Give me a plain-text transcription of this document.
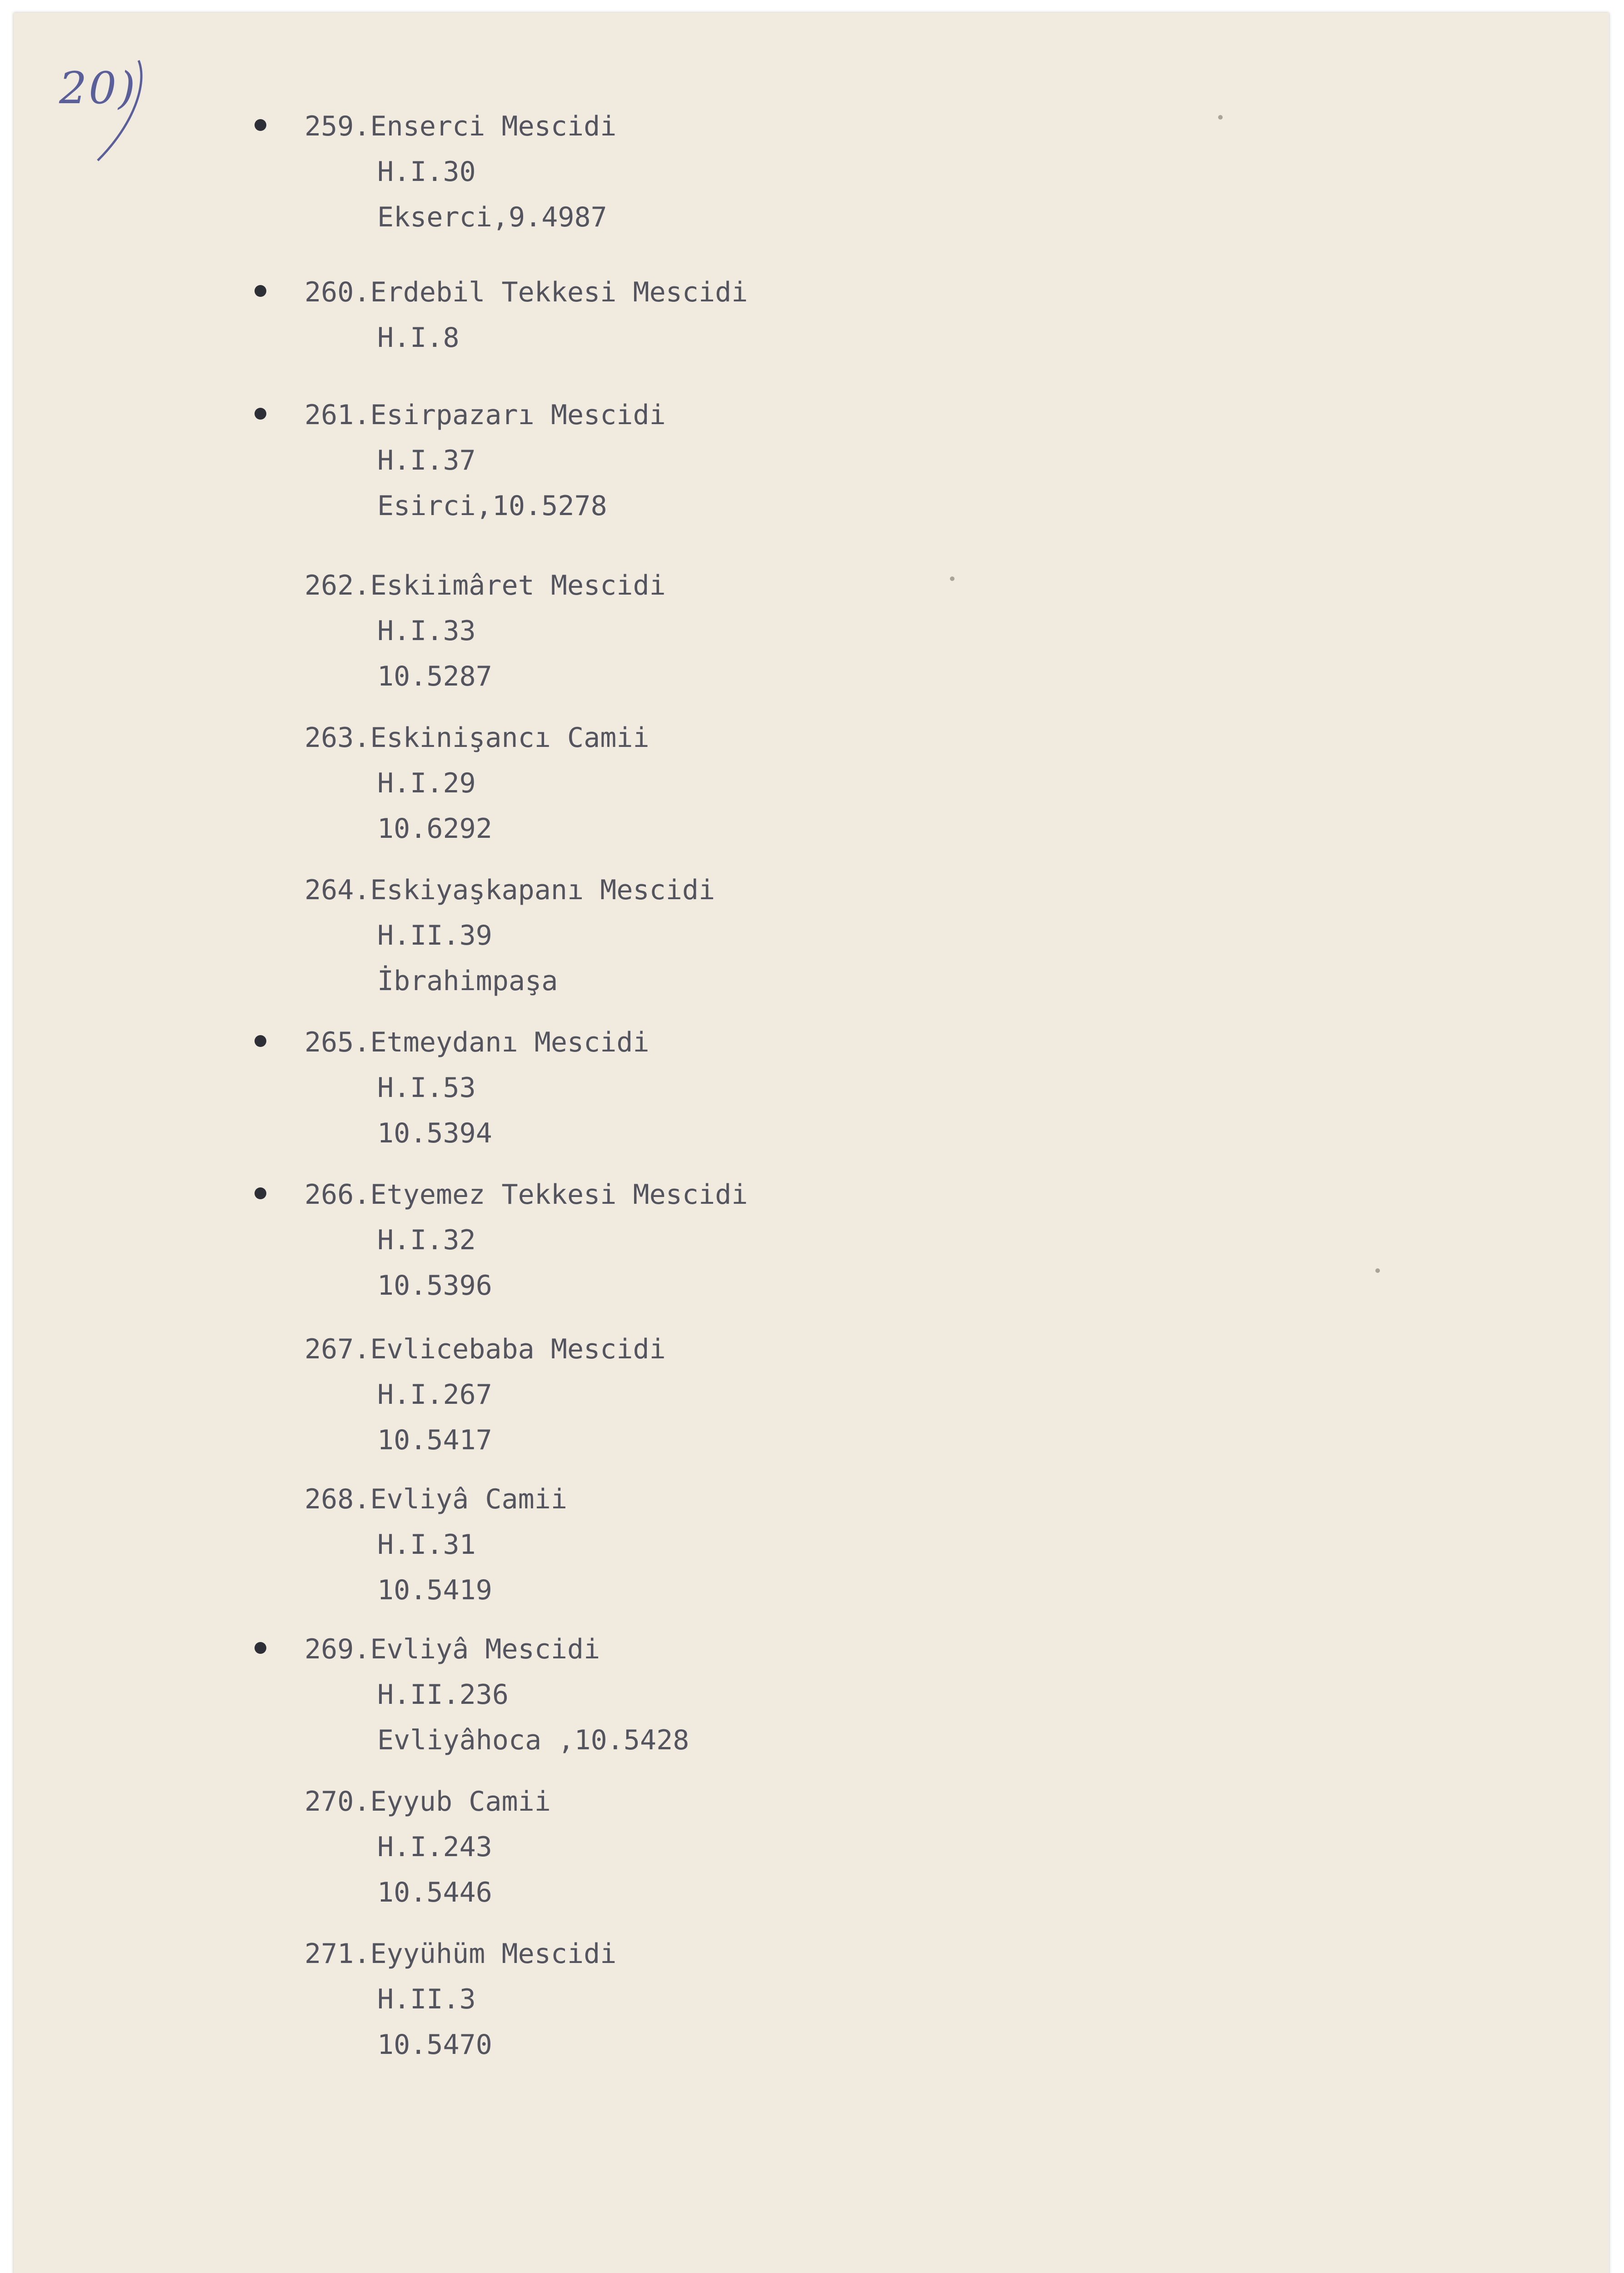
20)
259.Enserci Mescidi
H.I.30
Ekserci,9.4987
260.Erdebil Tekkesi Mescidi
H.I.8
261.Esirpazarı Mescidi
H.I.37
Esirci,10.5278
262.Eskiimâret Mescidi
H.I.33
10.5287
263.Eskinişancı Camii
H.I.29
10.6292
264.Eskiyaşkapanı Mescidi
H.II.39
İbrahimpaşa
265.Etmeydanı Mescidi
H.I.53
10.5394
266.Etyemez Tekkesi Mescidi
H.I.32
10.5396
267.Evlicebaba Mescidi
H.I.267
10.5417
268.Evliyâ Camii
H.I.31
10.5419
269.Evliyâ Mescidi
H.II.236
Evliyâhoca ,10.5428
270.Eyyub Camii
H.I.243
10.5446
271.Eyyühüm Mescidi
H.II.3
10.5470
